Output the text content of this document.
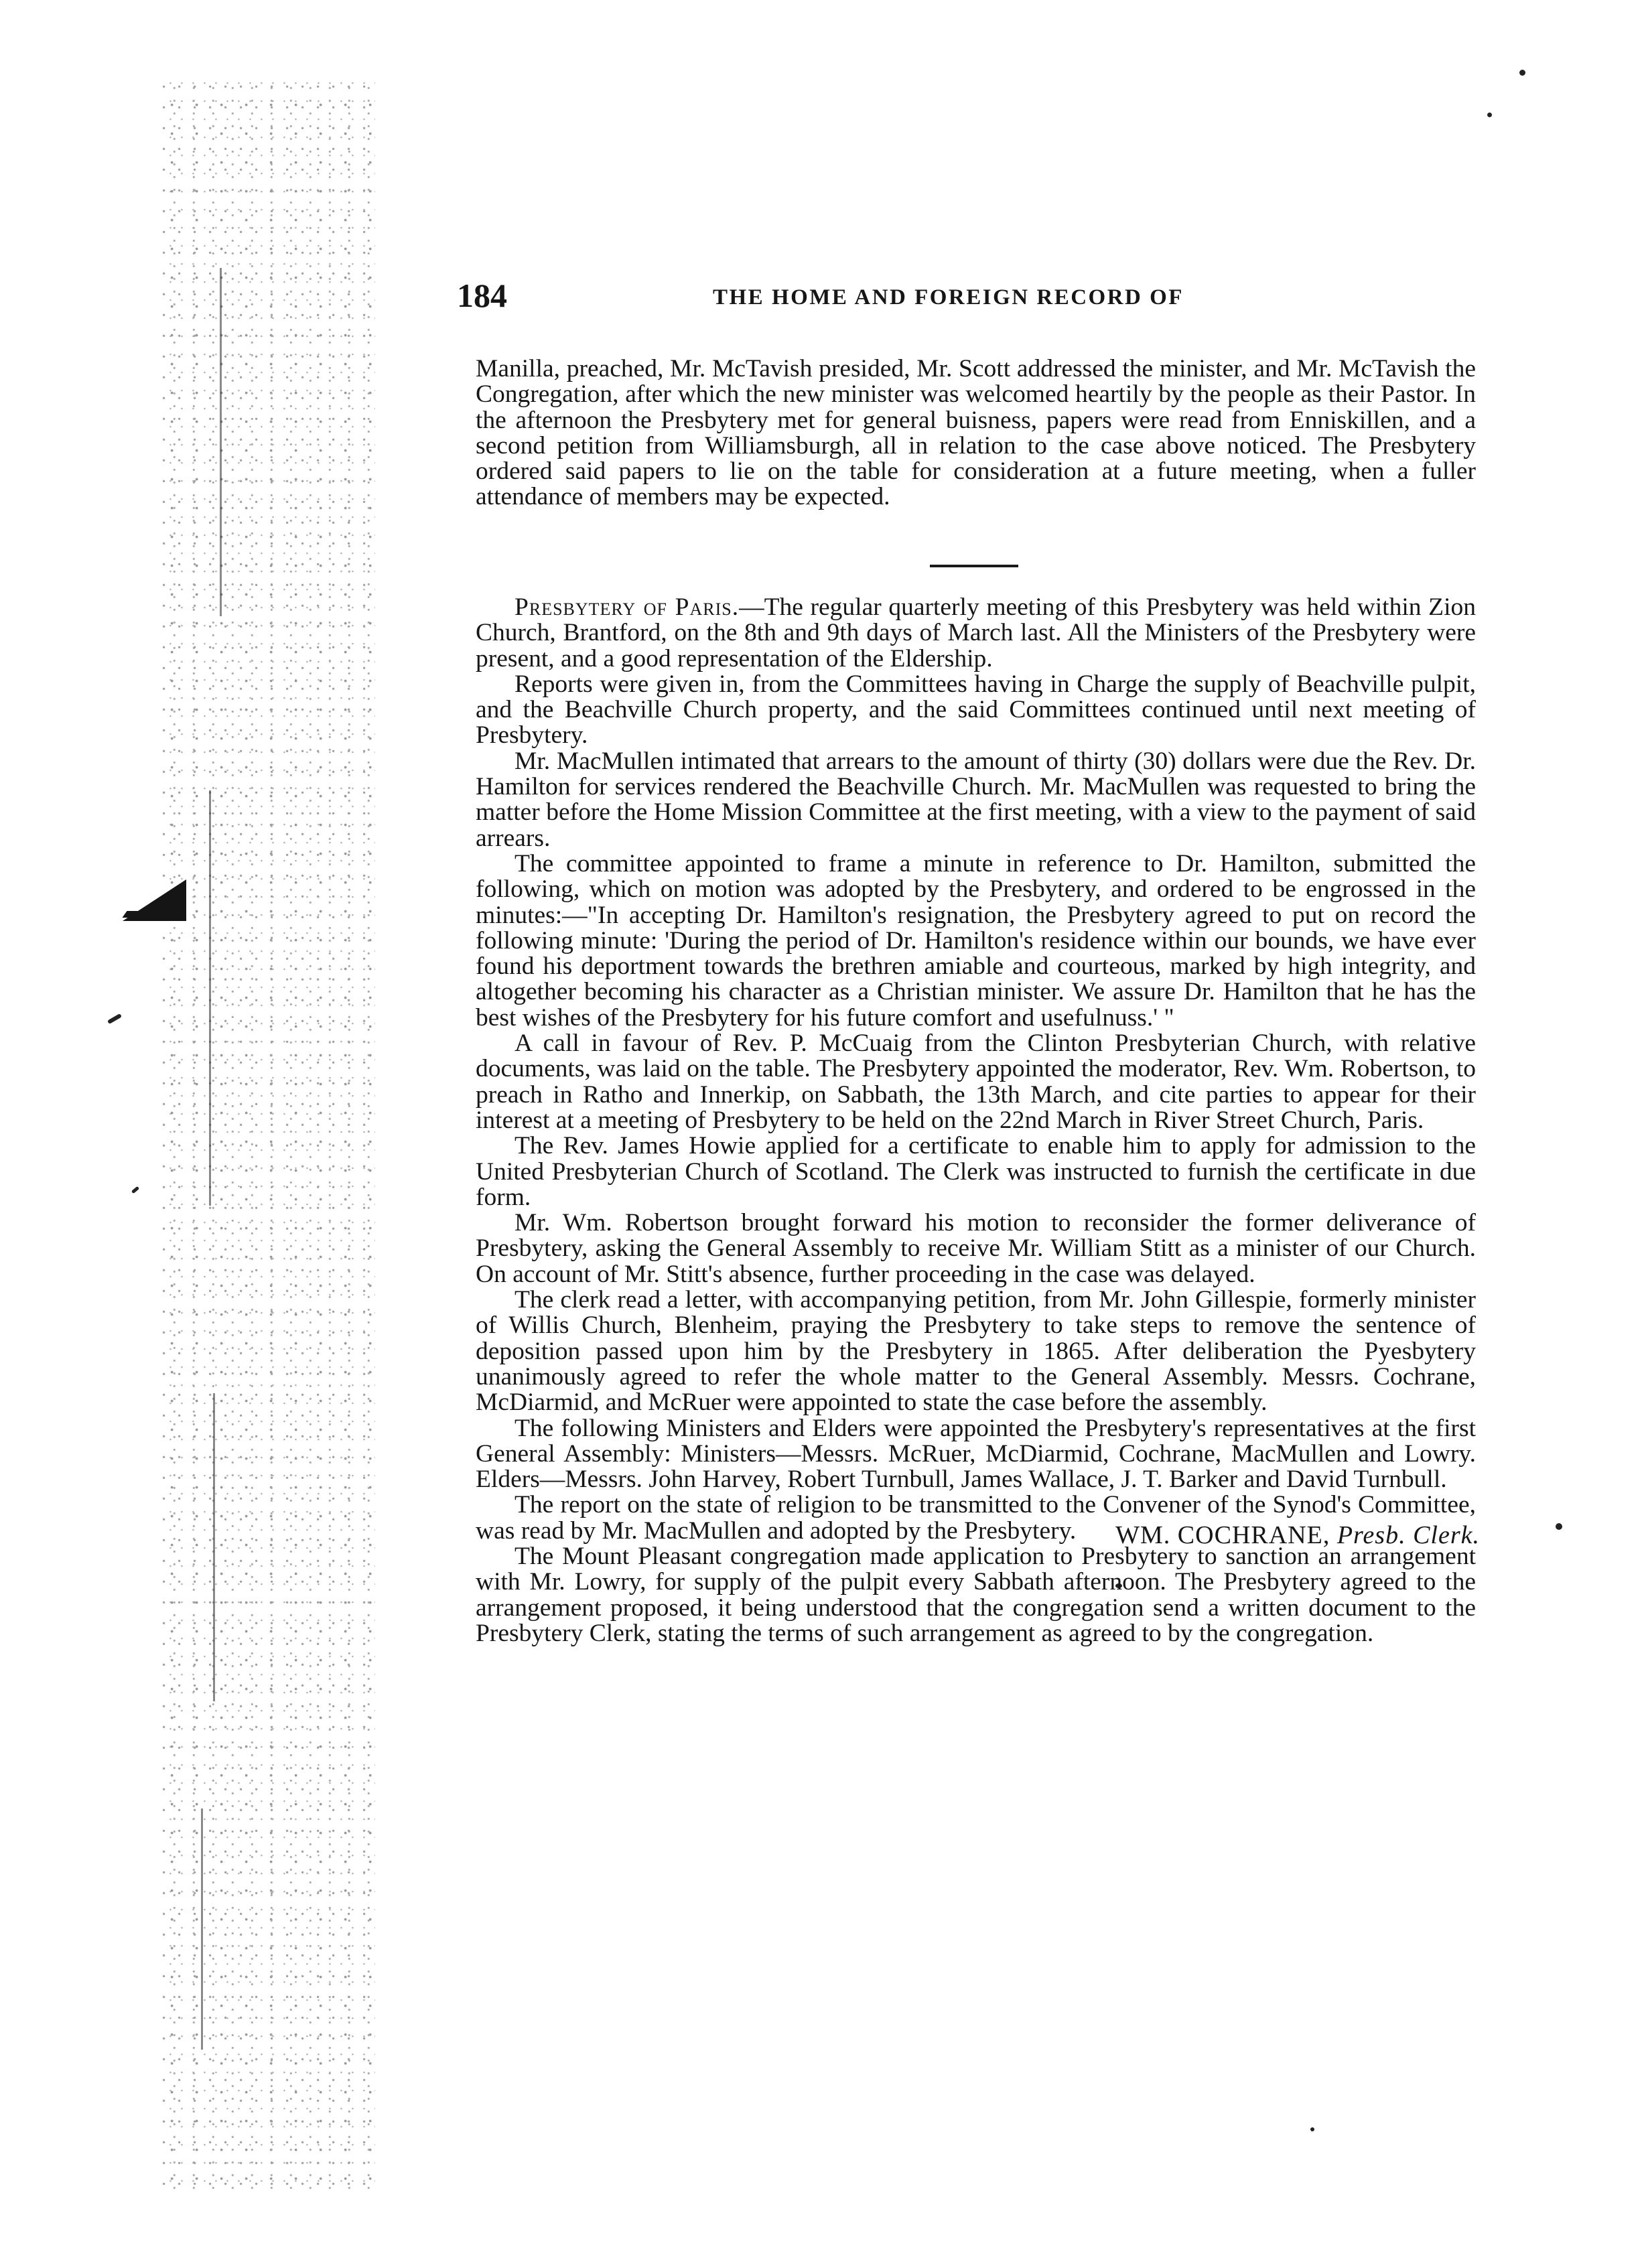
184	THE HOME AND FOREIGN RECORD OF

Manilla, preached, Mr. McTavish presided, Mr. Scott addressed the minister, and Mr. McTavish the Congregation, after which the new minister was welcomed heartily by the people as their Pastor. In the afternoon the Presbytery met for general buisness, papers were read from Enniskillen, and a second petition from Williamsburgh, all in relation to the case above noticed. The Presbytery ordered said papers to lie on the table for consideration at a future meeting, when a fuller attendance of members may be expected.

Presbytery of Paris.—The regular quarterly meeting of this Presbytery was held within Zion Church, Brantford, on the 8th and 9th days of March last. All the Ministers of the Presbytery were present, and a good representation of the Eldership.

Reports were given in, from the Committees having in Charge the supply of Beachville pulpit, and the Beachville Church property, and the said Committees continued until next meeting of Presbytery.

Mr. MacMullen intimated that arrears to the amount of thirty (30) dollars were due the Rev. Dr. Hamilton for services rendered the Beachville Church. Mr. MacMullen was requested to bring the matter before the Home Mission Committee at the first meeting, with a view to the payment of said arrears.

The committee appointed to frame a minute in reference to Dr. Hamilton, submitted the following, which on motion was adopted by the Presbytery, and ordered to be engrossed in the minutes:—"In accepting Dr. Hamilton's resignation, the Presbytery agreed to put on record the following minute: 'During the period of Dr. Hamilton's residence within our bounds, we have ever found his deportment towards the brethren amiable and courteous, marked by high integrity, and altogether becoming his character as a Christian minister. We assure Dr. Hamilton that he has the best wishes of the Presbytery for his future comfort and usefulnuss.' "

A call in favour of Rev. P. McCuaig from the Clinton Presbyterian Church, with relative documents, was laid on the table. The Presbytery appointed the moderator, Rev. Wm. Robertson, to preach in Ratho and Innerkip, on Sabbath, the 13th March, and cite parties to appear for their interest at a meeting of Presbytery to be held on the 22nd March in River Street Church, Paris.

The Rev. James Howie applied for a certificate to enable him to apply for admission to the United Presbyterian Church of Scotland. The Clerk was instructed to furnish the certificate in due form.

Mr. Wm. Robertson brought forward his motion to reconsider the former deliverance of Presbytery, asking the General Assembly to receive Mr. William Stitt as a minister of our Church. On account of Mr. Stitt's absence, further proceeding in the case was delayed.

The clerk read a letter, with accompanying petition, from Mr. John Gillespie, formerly minister of Willis Church, Blenheim, praying the Presbytery to take steps to remove the sentence of deposition passed upon him by the Presbytery in 1865. After deliberation the Pyesbytery unanimously agreed to refer the whole matter to the General Assembly. Messrs. Cochrane, McDiarmid, and McRuer were appointed to state the case before the assembly.

The following Ministers and Elders were appointed the Presbytery's representatives at the first General Assembly: Ministers—Messrs. McRuer, McDiarmid, Cochrane, MacMullen and Lowry. Elders—Messrs. John Harvey, Robert Turnbull, James Wallace, J. T. Barker and David Turnbull.

The report on the state of religion to be transmitted to the Convener of the Synod's Committee, was read by Mr. MacMullen and adopted by the Presbytery.

The Mount Pleasant congregation made application to Presbytery to sanction an arrangement with Mr. Lowry, for supply of the pulpit every Sabbath afternoon. The Presbytery agreed to the arrangement proposed, it being understood that the congregation send a written document to the Presbytery Clerk, stating the terms of such arrangement as agreed to by the congregation.

WM. COCHRANE, Presb. Clerk.
